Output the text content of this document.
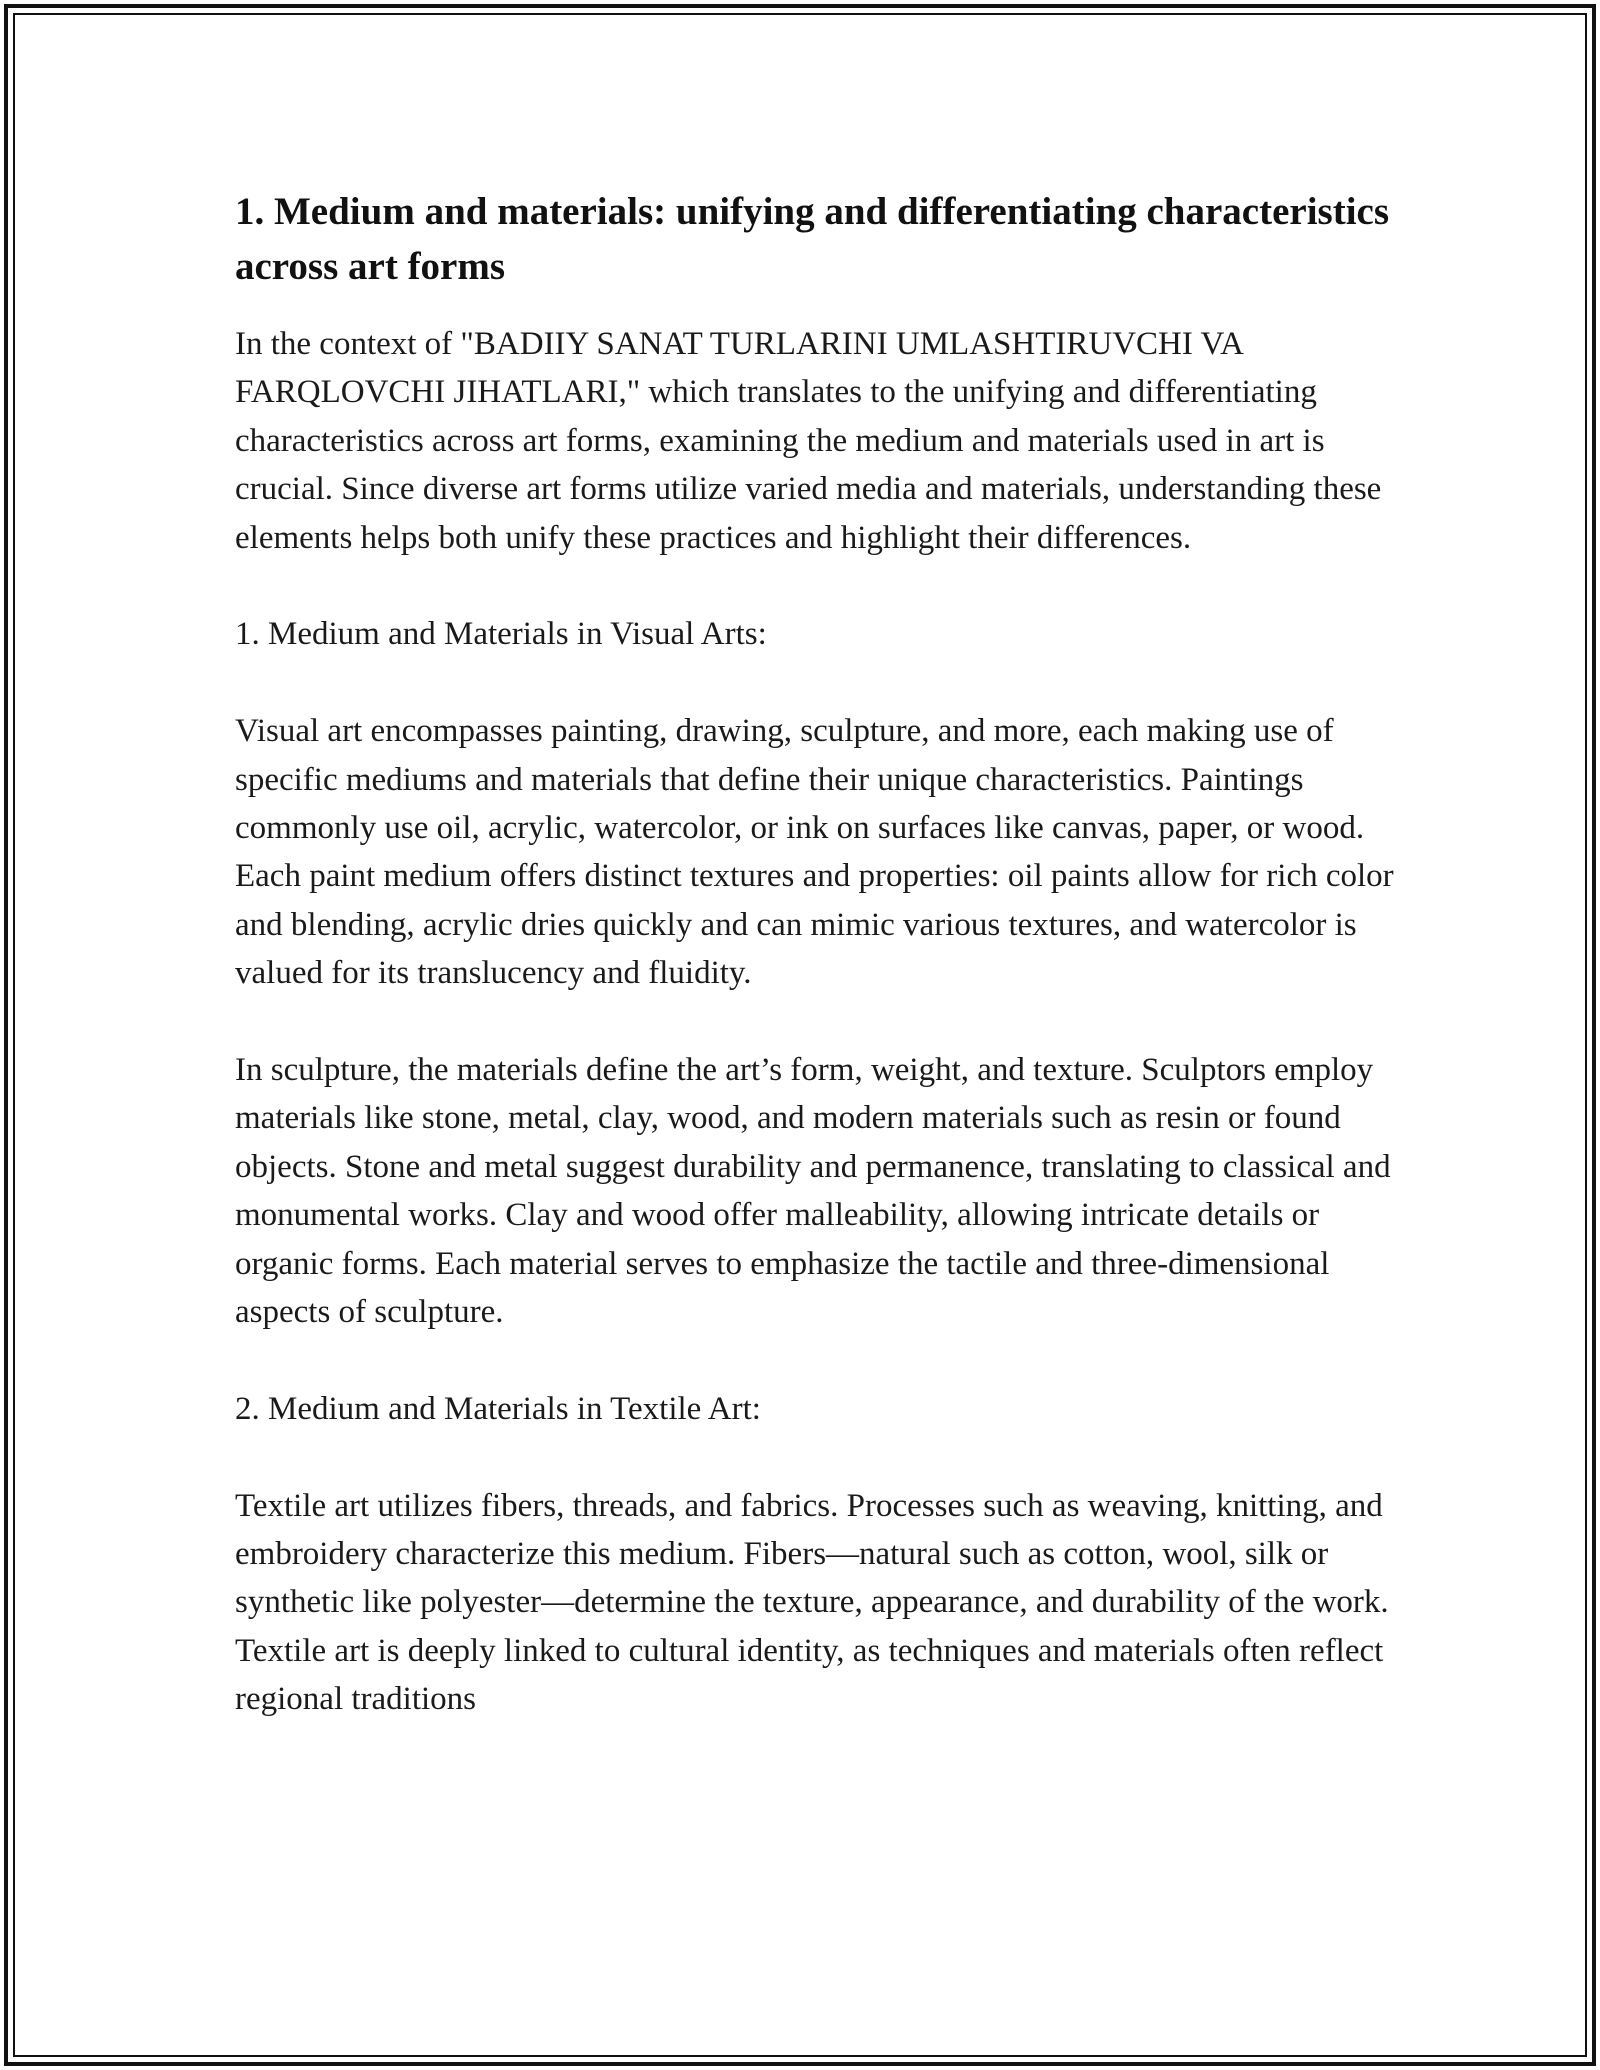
1. Medium and materials: unifying and differentiating characteristics across art forms

In the context of "BADIIY SANAT TURLARINI UMLASHTIRUVCHI VA FARQLOVCHI JIHATLARI," which translates to the unifying and differentiating characteristics across art forms, examining the medium and materials used in art is crucial. Since diverse art forms utilize varied media and materials, understanding these elements helps both unify these practices and highlight their differences.

1. Medium and Materials in Visual Arts:

Visual art encompasses painting, drawing, sculpture, and more, each making use of specific mediums and materials that define their unique characteristics. Paintings commonly use oil, acrylic, watercolor, or ink on surfaces like canvas, paper, or wood. Each paint medium offers distinct textures and properties: oil paints allow for rich color and blending, acrylic dries quickly and can mimic various textures, and watercolor is valued for its translucency and fluidity.

In sculpture, the materials define the art’s form, weight, and texture. Sculptors employ materials like stone, metal, clay, wood, and modern materials such as resin or found objects. Stone and metal suggest durability and permanence, translating to classical and monumental works. Clay and wood offer malleability, allowing intricate details or organic forms. Each material serves to emphasize the tactile and three-dimensional aspects of sculpture.

2. Medium and Materials in Textile Art:

Textile art utilizes fibers, threads, and fabrics. Processes such as weaving, knitting, and embroidery characterize this medium. Fibers—natural such as cotton, wool, silk or synthetic like polyester—determine the texture, appearance, and durability of the work. Textile art is deeply linked to cultural identity, as techniques and materials often reflect regional traditions
